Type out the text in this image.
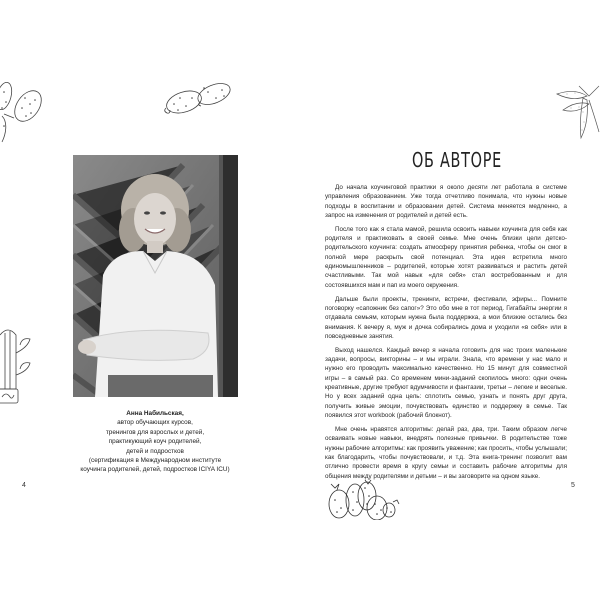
Анна Набильская,
автор обучающих курсов,
тренингов для взрослых и детей,
практикующий коуч родителей,
детей и подростков
(сертификация в Международном институте
коучинга родителей, детей, подростков ICIYA ICU)
4
ОБ АВТОРЕ

До начала коучинговой практики я около десяти лет работала в системе управления образованием. Уже тогда отчетливо понимала, что нужны новые подходы в воспитании и образовании детей. Система меняется медленно, а запрос на изменения от родителей и детей есть.

После того как я стала мамой, решила освоить навыки коучинга для себя как родителя и практиковать в своей семье. Мне очень близки цели детско-родительского коучинга: создать атмосферу принятия ребенка, чтобы он смог в полной мере раскрыть свой потенциал. Эта идея встретила много единомышленников – родителей, которые хотят развиваться и растить детей счастливыми. Так мой навык «для себя» стал востребованным и для состоявшихся мам и пап из моего окружения.

Дальше были проекты, тренинги, встречи, фестивали, эфиры... Помните поговорку «сапожник без сапог»? Это обо мне в тот период. Гигабайты энергии я отдавала семьям, которым нужна была поддержка, а мои близкие остались без внимания. К вечеру я, муж и дочка собирались дома и уходили «в себя» или в повседневные занятия.

Выход нашелся. Каждый вечер я начала готовить для нас троих маленькие задачи, вопросы, викторины – и мы играли. Знала, что времени у нас мало и нужно его проводить максимально качественно. Но 15 минут для совместной игры – в самый раз. Со временем мини-заданий скопилось много: одни очень креативные, другие требуют вдумчивости и фантазии, третьи – легкие и веселые. Но у всех заданий одна цель: сплотить семью, узнать и понять друг друга, получить живые эмоции, почувствовать единство и поддержку в семье. Так появился этот workbook (рабочий блокнот).

Мне очень нравятся алгоритмы: делай раз, два, три. Таким образом легче осваивать новые навыки, внедрять полезные привычки. В родительстве тоже нужны рабочие алгоритмы: как проявить уважение; как просить, чтобы услышали; как благодарить, чтобы почувствовали, и т.д. Эта книга-тренинг позволит вам отлично провести время в кругу семьи и составить рабочие алгоритмы для общения между родителями и детьми – и вы заговорите на одном языке.

5
